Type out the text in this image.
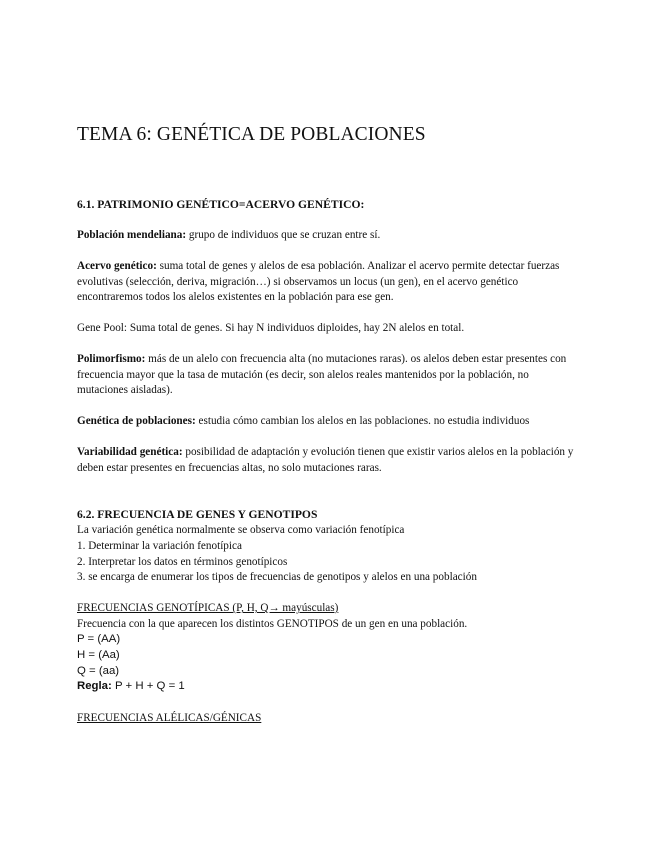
TEMA 6: GENÉTICA DE POBLACIONES
6.1. PATRIMONIO GENÉTICO=ACERVO GENÉTICO:
Población mendeliana: grupo de individuos que se cruzan entre sí.
Acervo genético: suma total de genes y alelos de esa población. Analizar el acervo permite detectar fuerzas evolutivas (selección, deriva, migración…) si observamos un locus (un gen), en el acervo genético encontraremos todos los alelos existentes en la población para ese gen.
Gene Pool: Suma total de genes. Si hay N individuos diploides, hay 2N alelos en total.
Polimorfismo: más de un alelo con frecuencia alta (no mutaciones raras). os alelos deben estar presentes con frecuencia mayor que la tasa de mutación (es decir, son alelos reales mantenidos por la población, no mutaciones aisladas).
Genética de poblaciones: estudia cómo cambian los alelos en las poblaciones. no estudia individuos
Variabilidad genética: posibilidad de adaptación y evolución tienen que existir varios alelos en la población y deben estar presentes en frecuencias altas, no solo mutaciones raras.
6.2. FRECUENCIA DE GENES Y GENOTIPOS
La variación genética normalmente se observa como variación fenotípica
1. Determinar la variación fenotípica
2. Interpretar los datos en términos genotípicos
3. se encarga de enumerar los tipos de frecuencias de genotipos y alelos en una población
FRECUENCIAS GENOTÍPICAS (P, H, Q→ mayúsculas)
Frecuencia con la que aparecen los distintos GENOTIPOS de un gen en una población.
P = (AA)
H = (Aa)
Q = (aa)
Regla: P + H + Q = 1
FRECUENCIAS ALÉLICAS/GÉNICAS
